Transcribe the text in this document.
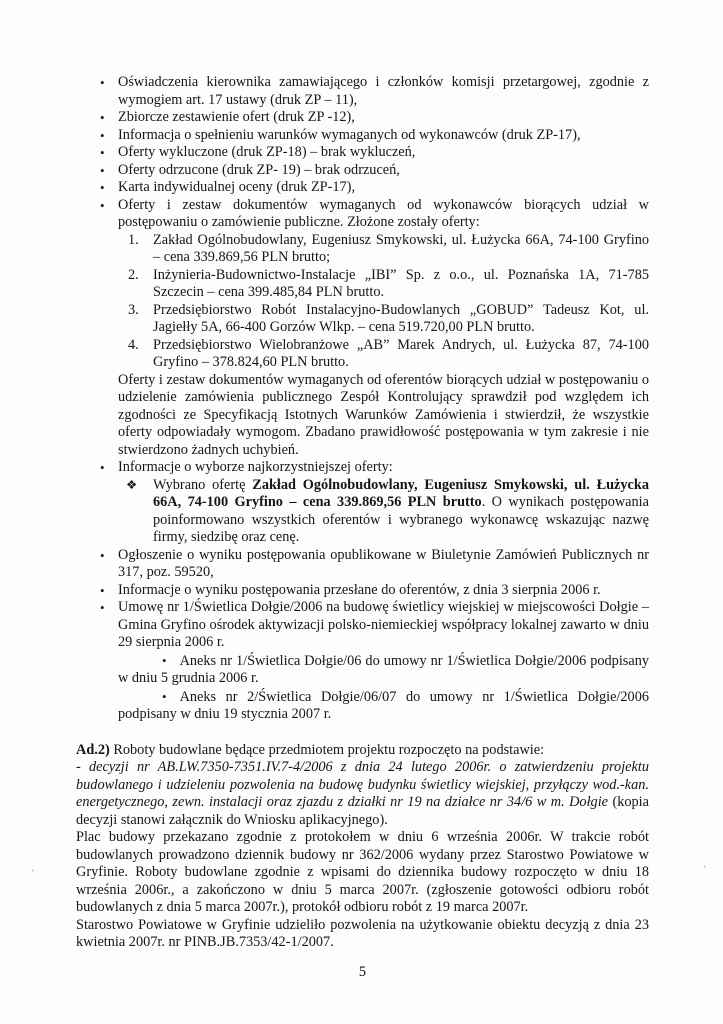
• Oświadczenia kierownika zamawiającego i członków komisji przetargowej, zgodnie z wymogiem art. 17 ustawy (druk ZP – 11),
• Zbiorcze zestawienie ofert (druk ZP -12),
• Informacja o spełnieniu warunków wymaganych od wykonawców (druk ZP-17),
• Oferty wykluczone (druk ZP-18) – brak wykluczeń,
• Oferty odrzucone (druk ZP- 19) – brak odrzuceń,
• Karta indywidualnej oceny (druk ZP-17),
• Oferty i zestaw dokumentów wymaganych od wykonawców biorących udział w postępowaniu o zamówienie publiczne. Złożone zostały oferty:
1. Zakład Ogólnobudowlany, Eugeniusz Smykowski, ul. Łużycka 66A, 74-100 Gryfino – cena 339.869,56 PLN brutto;
2. Inżynieria-Budownictwo-Instalacje „IBI” Sp. z o.o., ul. Poznańska 1A, 71-785 Szczecin – cena 399.485,84 PLN brutto.
3. Przedsiębiorstwo Robót Instalacyjno-Budowlanych „GOBUD” Tadeusz Kot, ul. Jagiełły 5A, 66-400 Gorzów Wlkp. – cena 519.720,00 PLN brutto.
4. Przedsiębiorstwo Wielobranżowe „AB” Marek Andrych, ul. Łużycka 87, 74-100 Gryfino – 378.824,60 PLN brutto.
Oferty i zestaw dokumentów wymaganych od oferentów biorących udział w postępowaniu o udzielenie zamówienia publicznego Zespół Kontrolujący sprawdził pod względem ich zgodności ze Specyfikacją Istotnych Warunków Zamówienia i stwierdził, że wszystkie oferty odpowiadały wymogom. Zbadano prawidłowość postępowania w tym zakresie i nie stwierdzono żadnych uchybień.
• Informacje o wyborze najkorzystniejszej oferty:
❖ Wybrano ofertę Zakład Ogólnobudowlany, Eugeniusz Smykowski, ul. Łużycka 66A, 74-100 Gryfino – cena 339.869,56 PLN brutto. O wynikach postępowania poinformowano wszystkich oferentów i wybranego wykonawcę wskazując nazwę firmy, siedzibę oraz cenę.
• Ogłoszenie o wyniku postępowania opublikowane w Biuletynie Zamówień Publicznych nr 317, poz. 59520,
• Informacje o wyniku postępowania przesłane do oferentów, z dnia 3 sierpnia 2006 r.
• Umowę nr 1/Świetlica Dołgie/2006 na budowę świetlicy wiejskiej w miejscowości Dołgie – Gmina Gryfino ośrodek aktywizacji polsko-niemieckiej współpracy lokalnej zawarto w dniu 29 sierpnia 2006 r.
• Aneks nr 1/Świetlica Dołgie/06 do umowy nr 1/Świetlica Dołgie/2006 podpisany w dniu 5 grudnia 2006 r.
• Aneks nr 2/Świetlica Dołgie/06/07 do umowy nr 1/Świetlica Dołgie/2006 podpisany w dniu 19 stycznia 2007 r.

Ad.2) Roboty budowlane będące przedmiotem projektu rozpoczęto na podstawie:

- decyzji nr AB.LW.7350-7351.IV.7-4/2006 z dnia 24 lutego 2006r. o zatwierdzeniu projektu budowlanego i udzieleniu pozwolenia na budowę budynku świetlicy wiejskiej, przyłączy wod.-kan. energetycznego, zewn. instalacji oraz zjazdu z działki nr 19 na działce nr 34/6 w m. Dołgie (kopia decyzji stanowi załącznik do Wniosku aplikacyjnego).

Plac budowy przekazano zgodnie z protokołem w dniu 6 września 2006r. W trakcie robót budowlanych prowadzono dziennik budowy nr 362/2006 wydany przez Starostwo Powiatowe w Gryfinie. Roboty budowlane zgodnie z wpisami do dziennika budowy rozpoczęto w dniu 18 września 2006r., a zakończono w dniu 5 marca 2007r. (zgłoszenie gotowości odbioru robót budowlanych z dnia 5 marca 2007r.), protokół odbioru robót z 19 marca 2007r.

Starostwo Powiatowe w Gryfinie udzieliło pozwolenia na użytkowanie obiektu decyzją z dnia 23 kwietnia 2007r. nr PINB.JB.7353/42-1/2007.

5
`	`
